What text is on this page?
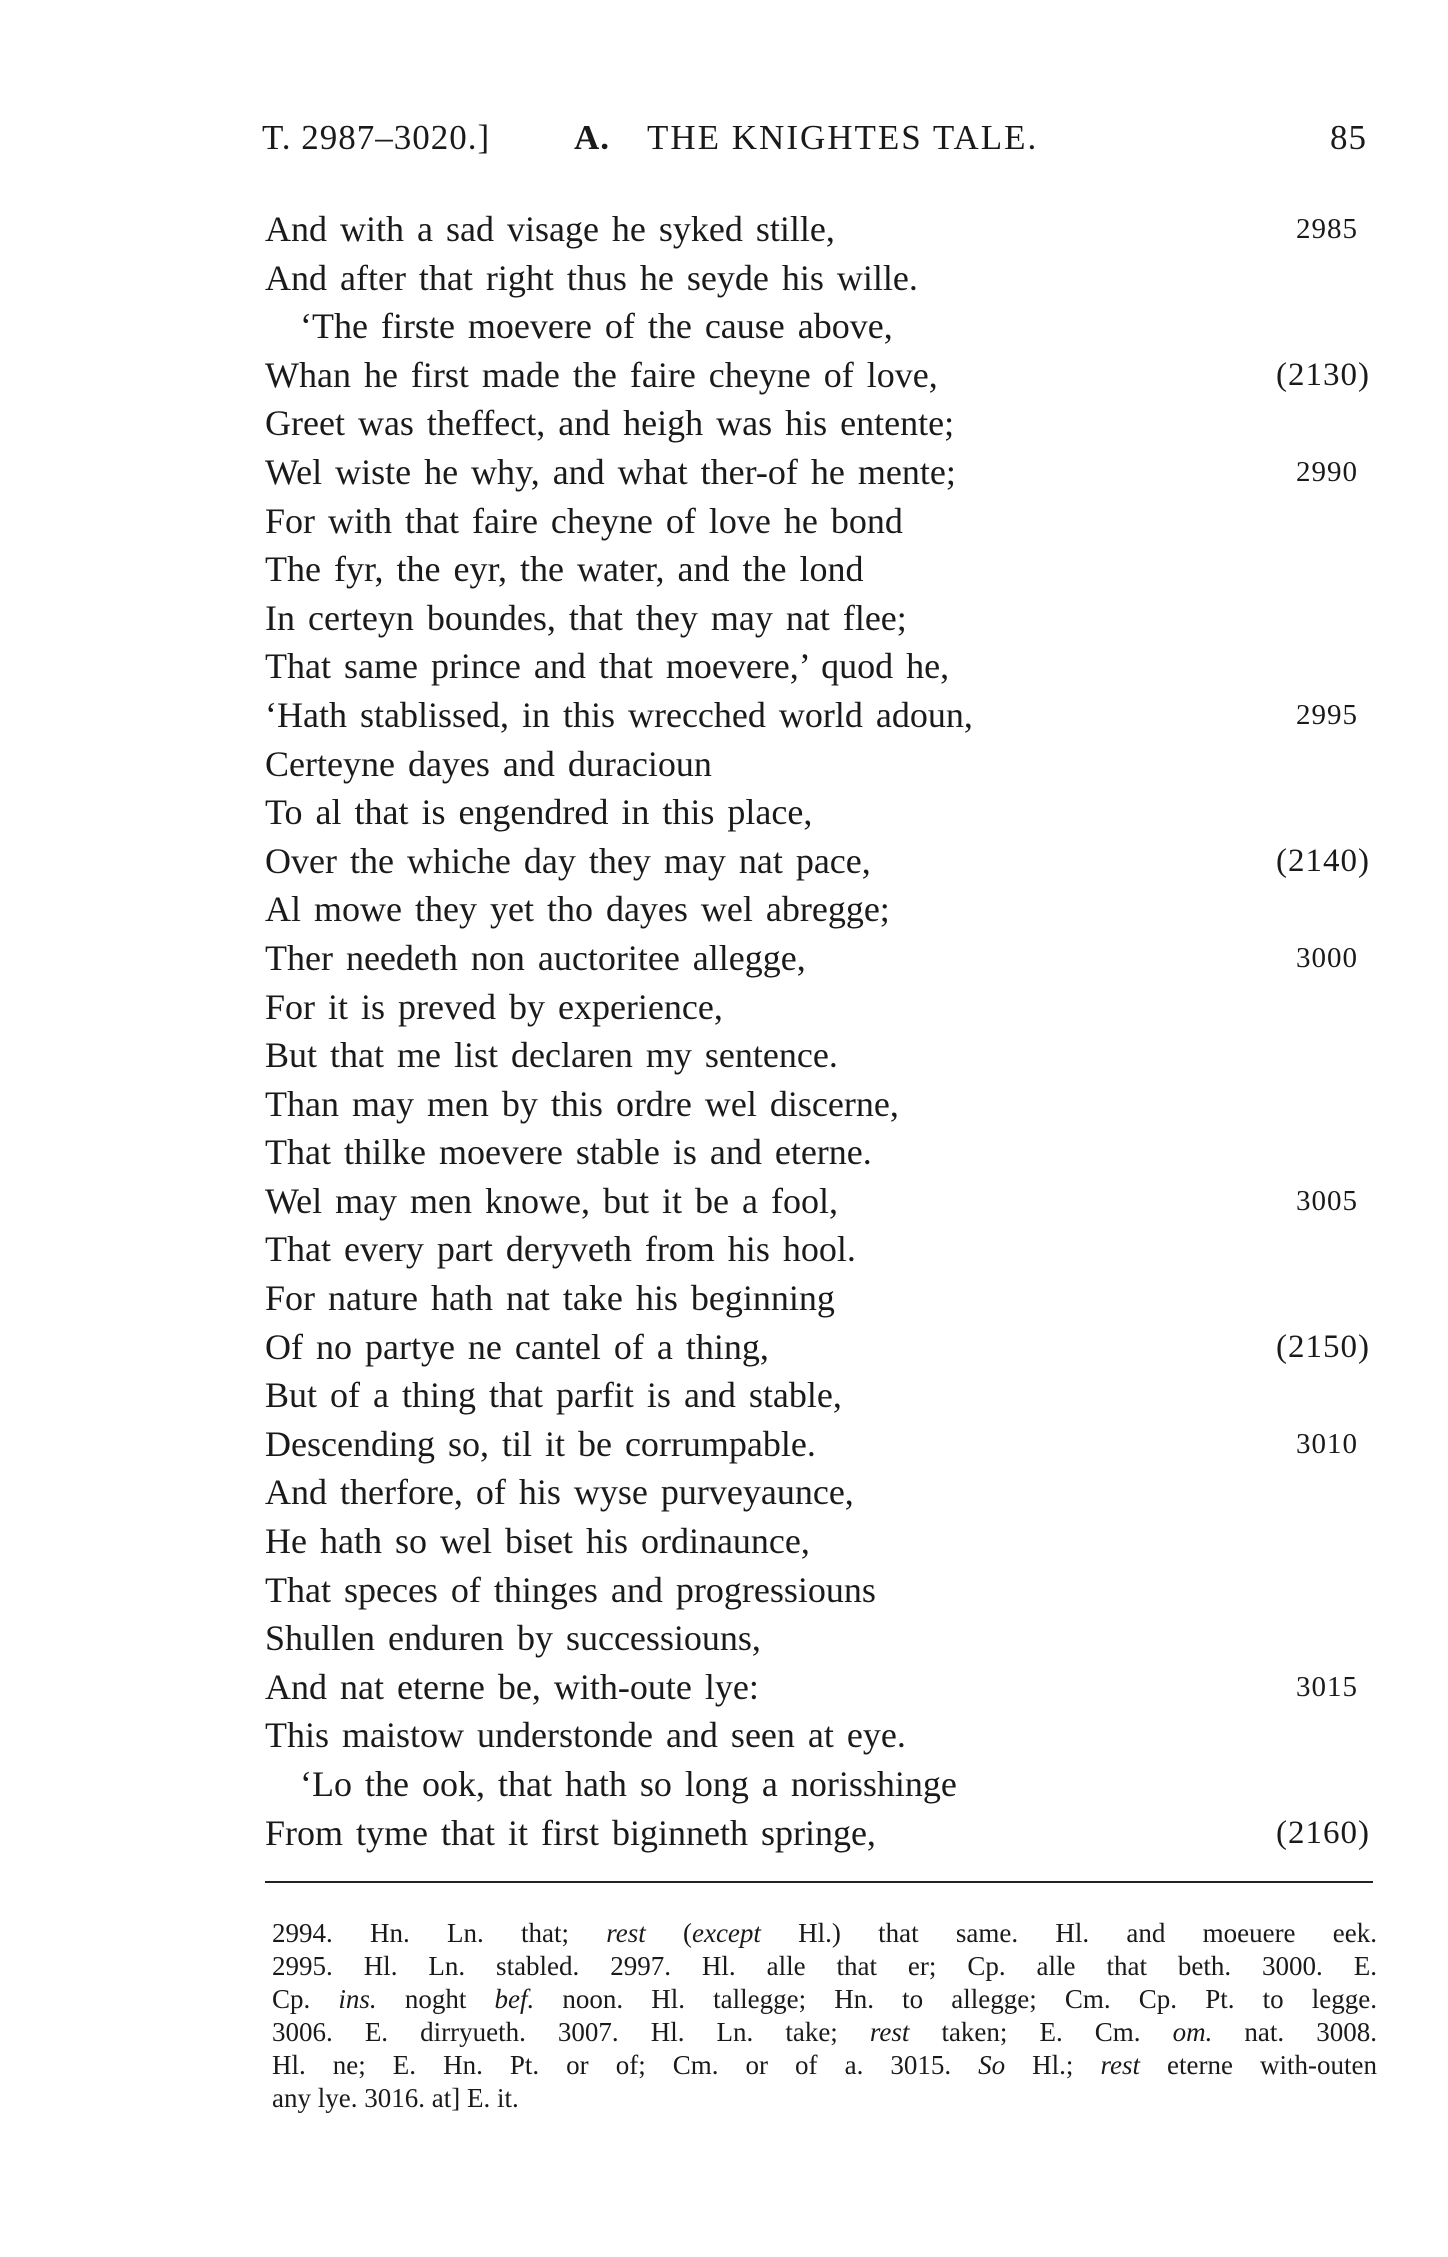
T. 2987–3020.] A. THE KNIGHTES TALE.	85
And with a sad visage he syked stille,	2985
And after that right thus he seyde his wille.
‘The firste moevere of the cause above,
Whan he first made the faire cheyne of love,	(2130)
Greet was theffect, and heigh was his entente;
Wel wiste he why, and what ther-of he mente;	2990
For with that faire cheyne of love he bond
The fyr, the eyr, the water, and the lond
In certeyn boundes, that they may nat flee;
That same prince and that moevere,’ quod he,
‘Hath stablissed, in this wrecched world adoun,	2995
Certeyne dayes and duracioun
To al that is engendred in this place,
Over the whiche day they may nat pace,	(2140)
Al mowe they yet tho dayes wel abregge;
Ther needeth non auctoritee allegge,	3000
For it is preved by experience,
But that me list declaren my sentence.
Than may men by this ordre wel discerne,
That thilke moevere stable is and eterne.
Wel may men knowe, but it be a fool,	3005
That every part deryveth from his hool.
For nature hath nat take his beginning
Of no partye ne cantel of a thing,	(2150)
But of a thing that parfit is and stable,
Descending so, til it be corrumpable.	3010
And therfore, of his wyse purveyaunce,
He hath so wel biset his ordinaunce,
That speces of thinges and progressiouns
Shullen enduren by successiouns,
And nat eterne be, with-oute lye:	3015
This maistow understonde and seen at eye.
‘Lo the ook, that hath so long a norisshinge
From tyme that it first biginneth springe,	(2160)
2994. Hn. Ln. that; rest (except Hl.) that same. Hl. and moeuere eek.
2995. Hl. Ln. stabled. 2997. Hl. alle that er; Cp. alle that beth. 3000. E.
Cp. ins. noght bef. noon. Hl. tallegge; Hn. to allegge; Cm. Cp. Pt. to legge.
3006. E. dirryueth. 3007. Hl. Ln. take; rest taken; E. Cm. om. nat. 3008.
Hl. ne; E. Hn. Pt. or of; Cm. or of a. 3015. So Hl.; rest eterne with-outen
any lye. 3016. at] E. it.
